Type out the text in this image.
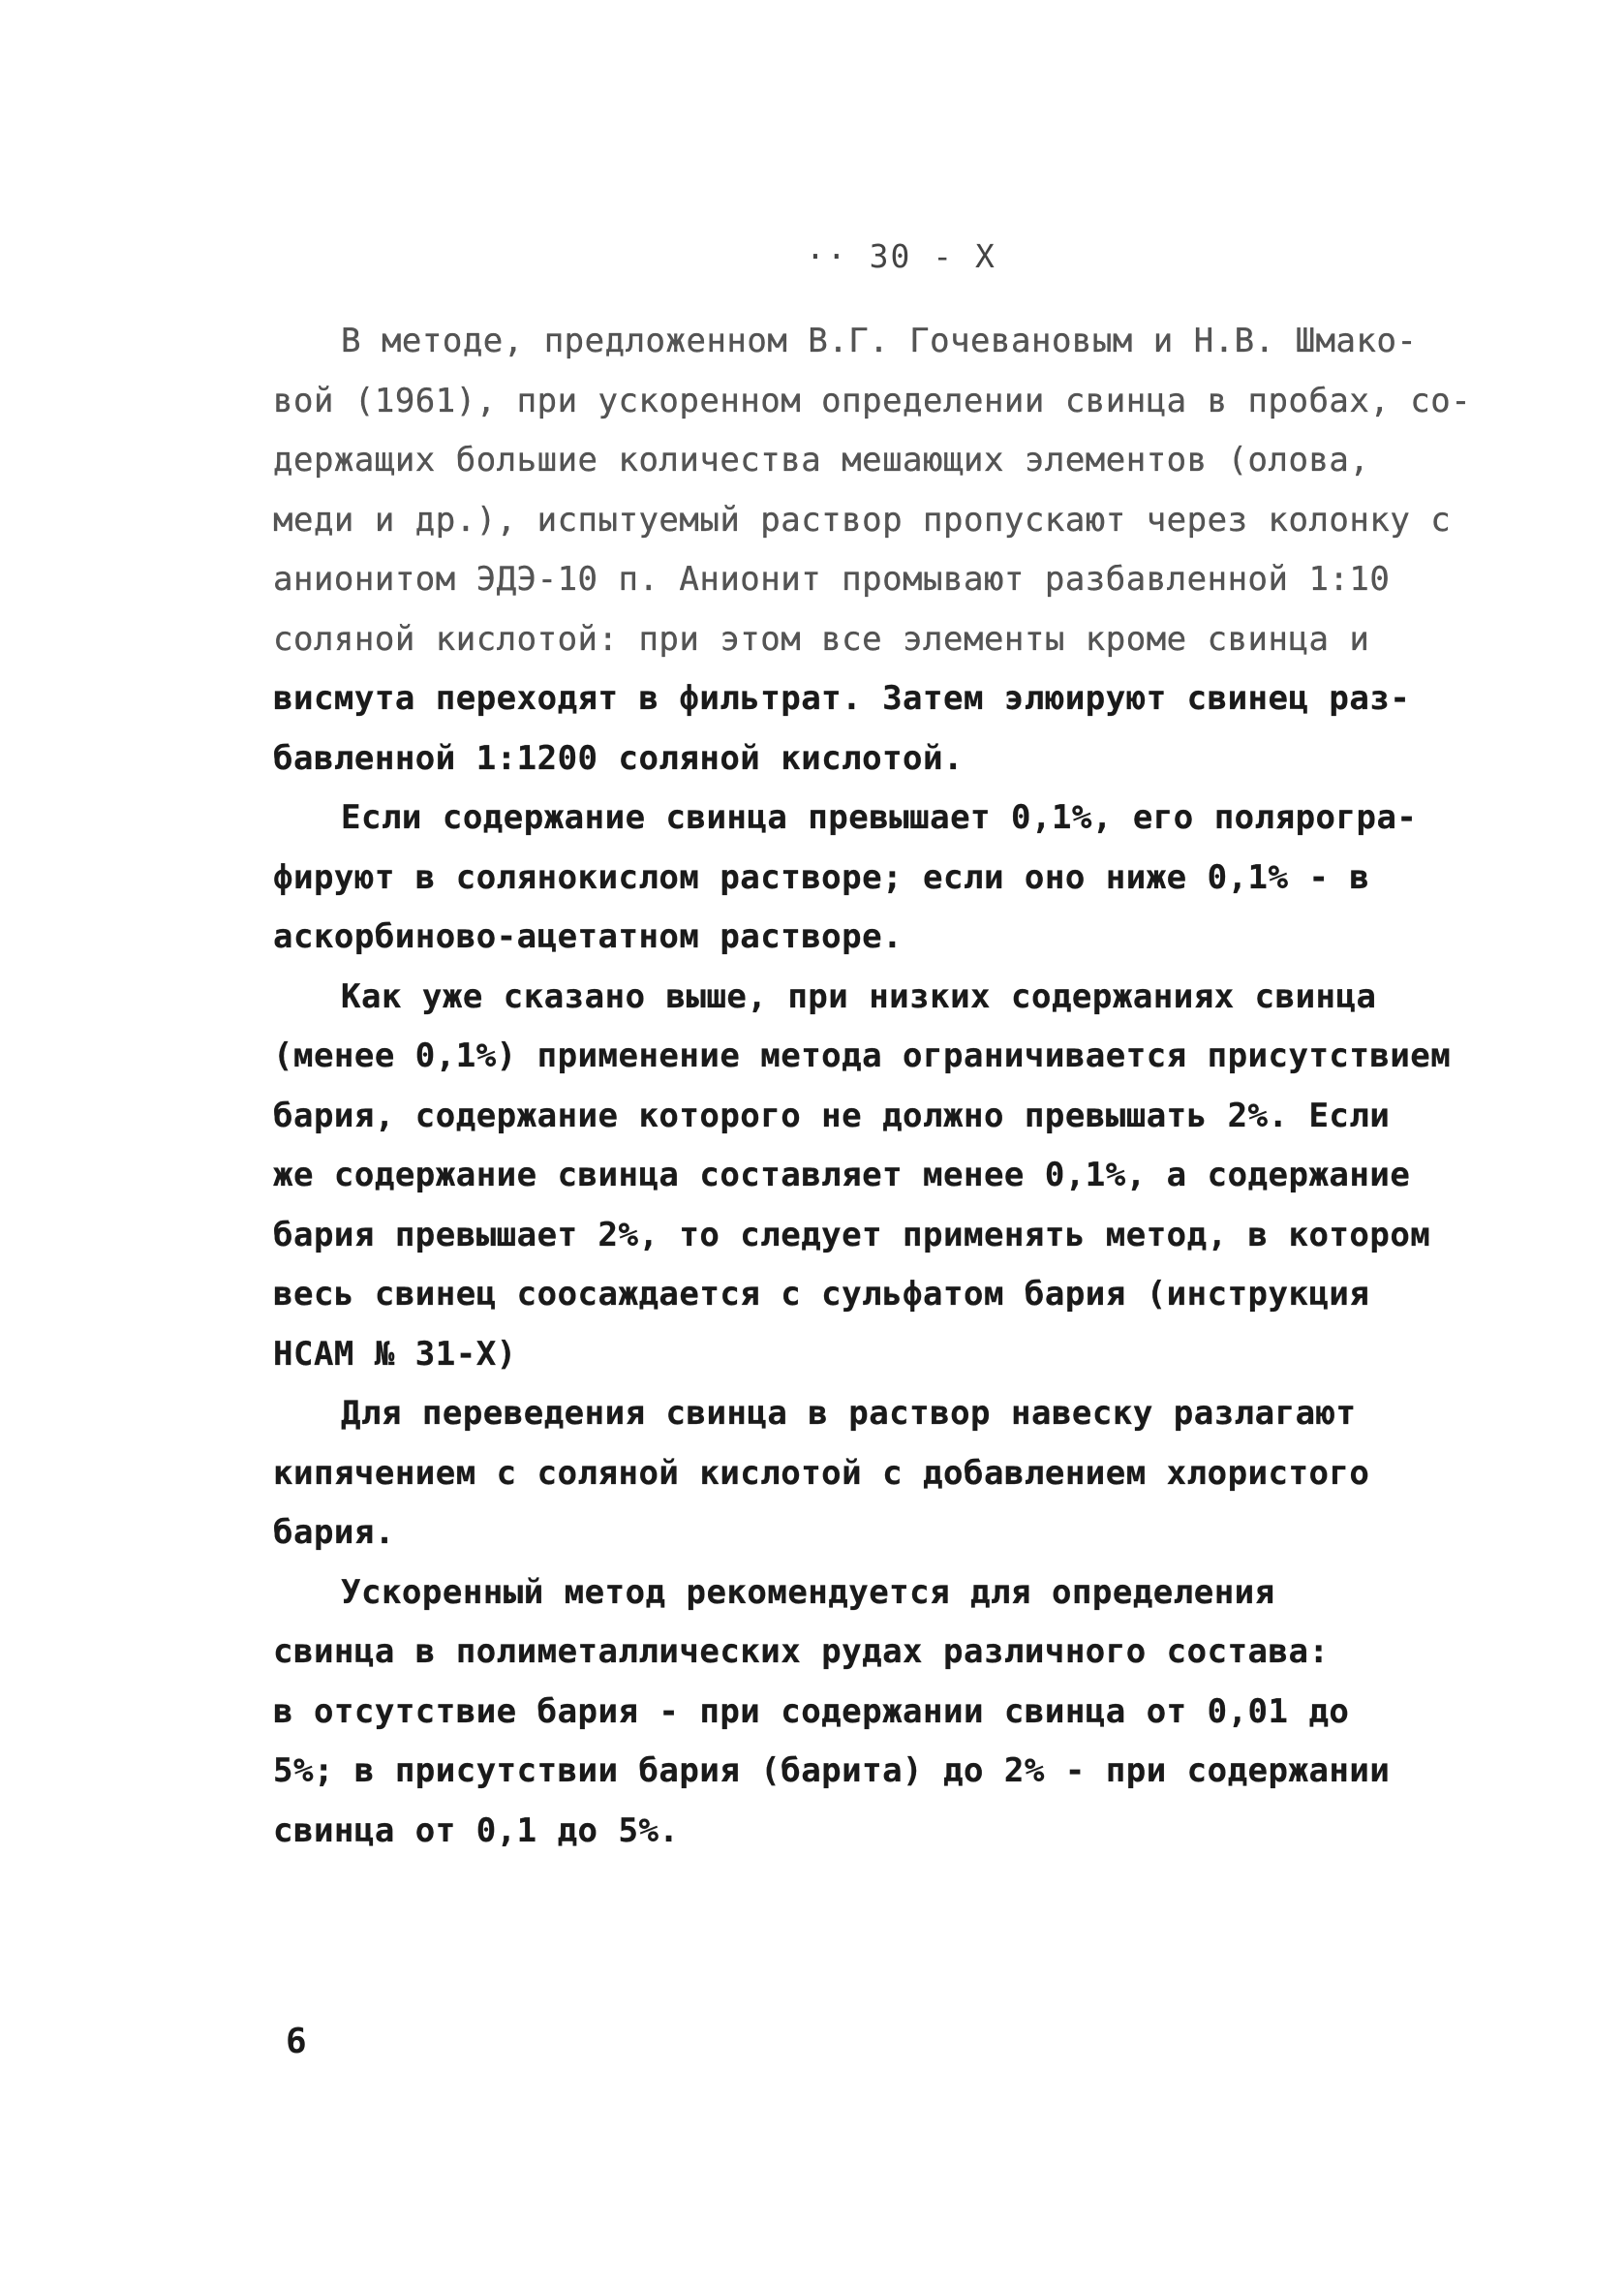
·· 30 - X
В методе, предложенном В.Г. Гочевановым и Н.В. Шмако-
вой (1961), при ускоренном определении свинца в пробах, со-
держащих большие количества мешающих элементов (олова,
меди и др.), испытуемый раствор пропускают через колонку с
анионитом ЭДЭ-10 п. Анионит промывают разбавленной 1:10
соляной кислотой: при этом все элементы кроме свинца и
висмута переходят в фильтрат. Затем элюируют свинец раз-
бавленной 1:1200 соляной кислотой.
Если содержание свинца превышает 0,1%, его полярогра-
фируют в солянокислом растворе; если оно ниже 0,1% - в
аскорбиново-ацетатном растворе.
Как уже сказано выше, при низких содержаниях свинца
(менее 0,1%) применение метода ограничивается присутствием
бария, содержание которого не должно превышать 2%. Если
же содержание свинца составляет менее 0,1%, а содержание
бария превышает 2%, то следует применять метод, в котором
весь свинец соосаждается с сульфатом бария (инструкция
НСАМ № 31-Х)
Для переведения свинца в раствор навеску разлагают
кипячением с соляной кислотой с добавлением хлористого
бария.
Ускоренный метод рекомендуется для определения
свинца в полиметаллических рудах различного состава:
в отсутствие бария - при содержании свинца от 0,01 до
5%; в присутствии бария (барита) до 2% - при содержании
свинца от 0,1 до 5%.
6
